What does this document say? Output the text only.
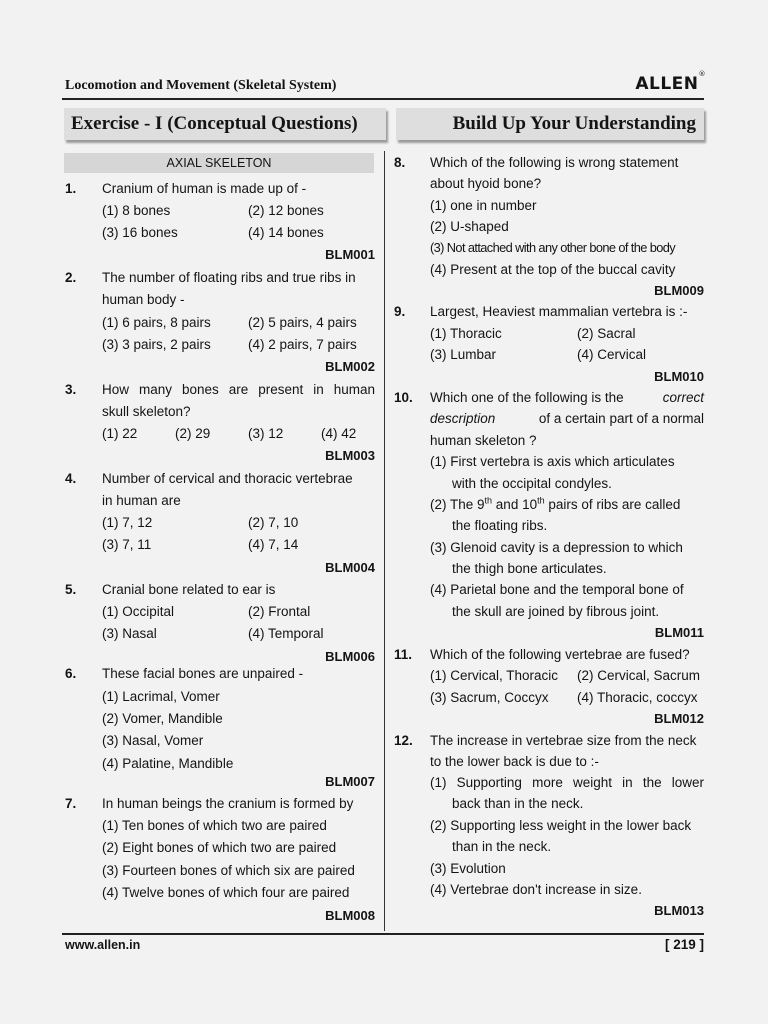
Locomotion and Movement (Skeletal System)	ALLEN®
Exercise - I (Conceptual Questions)	Build Up Your Understanding
AXIAL SKELETON
1. Cranium of human is made up of -
(1) 8 bones	(2) 12 bones
(3) 16 bones	(4) 14 bones
BLM001
2. The number of floating ribs and true ribs in
human body -
(1) 6 pairs, 8 pairs	(2) 5 pairs, 4 pairs
(3) 3 pairs, 2 pairs	(4) 2 pairs, 7 pairs
BLM002
3. How many bones are present in human
skull skeleton?
(1) 22	(2) 29	(3) 12	(4) 42
BLM003
4. Number of cervical and thoracic vertebrae
in human are
(1) 7, 12	(2) 7, 10
(3) 7, 11	(4) 7, 14
BLM004
5. Cranial bone related to ear is
(1) Occipital	(2) Frontal
(3) Nasal	(4) Temporal
BLM006
6. These facial bones are unpaired -
(1) Lacrimal, Vomer
(2) Vomer, Mandible
(3) Nasal, Vomer
(4) Palatine, Mandible
BLM007
7. In human beings the cranium is formed by
(1) Ten bones of which two are paired
(2) Eight bones of which two are paired
(3) Fourteen bones of which six are paired
(4) Twelve bones of which four are paired
BLM008
8. Which of the following is wrong statement
about hyoid bone?
(1) one in number
(2) U-shaped
(3) Not attached with any other bone of the body
(4) Present at the top of the buccal cavity
BLM009
9. Largest, Heaviest mammalian vertebra is :-
(1) Thoracic	(2) Sacral
(3) Lumbar	(4) Cervical
BLM010
10. Which one of the following is the	correct
description	of a certain part of a normal
human skeleton ?
(1) First vertebra is axis which articulates
with the occipital condyles.
(2) The 9th and 10th pairs of ribs are called
the floating ribs.
(3) Glenoid cavity is a depression to which
the thigh bone articulates.
(4) Parietal bone and the temporal bone of
the skull are joined by fibrous joint.
BLM011
11. Which of the following vertebrae are fused?
(1) Cervical, Thoracic (2) Cervical, Sacrum
(3) Sacrum, Coccyx (4) Thoracic, coccyx
BLM012
12. The increase in vertebrae size from the neck
to the lower back is due to :-
(1) Supporting more weight in the lower
back than in the neck.
(2) Supporting less weight in the lower back
than in the neck.
(3) Evolution
(4) Vertebrae don't increase in size.
BLM013
www.allen.in	[ 219 ]
